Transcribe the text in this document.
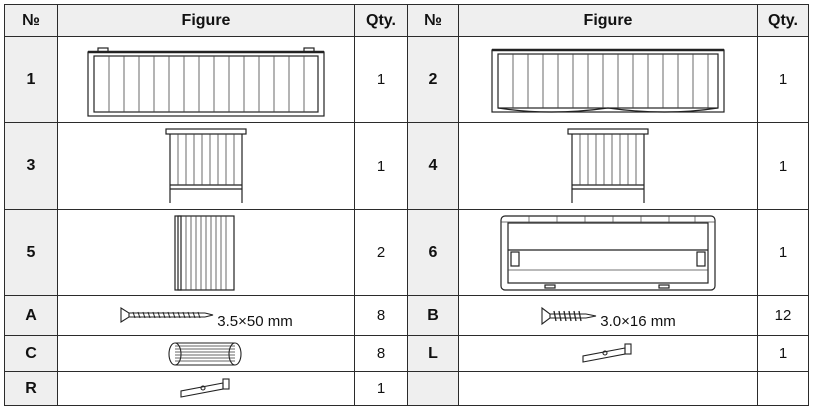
№	Figure	Qty.	№	Figure	Qty.
1		1	2		1
3		1	4		1
5		2	6		1
A	3.5×50 mm	8	B	3.0×16 mm	12
C		8	L		1
R		1			
